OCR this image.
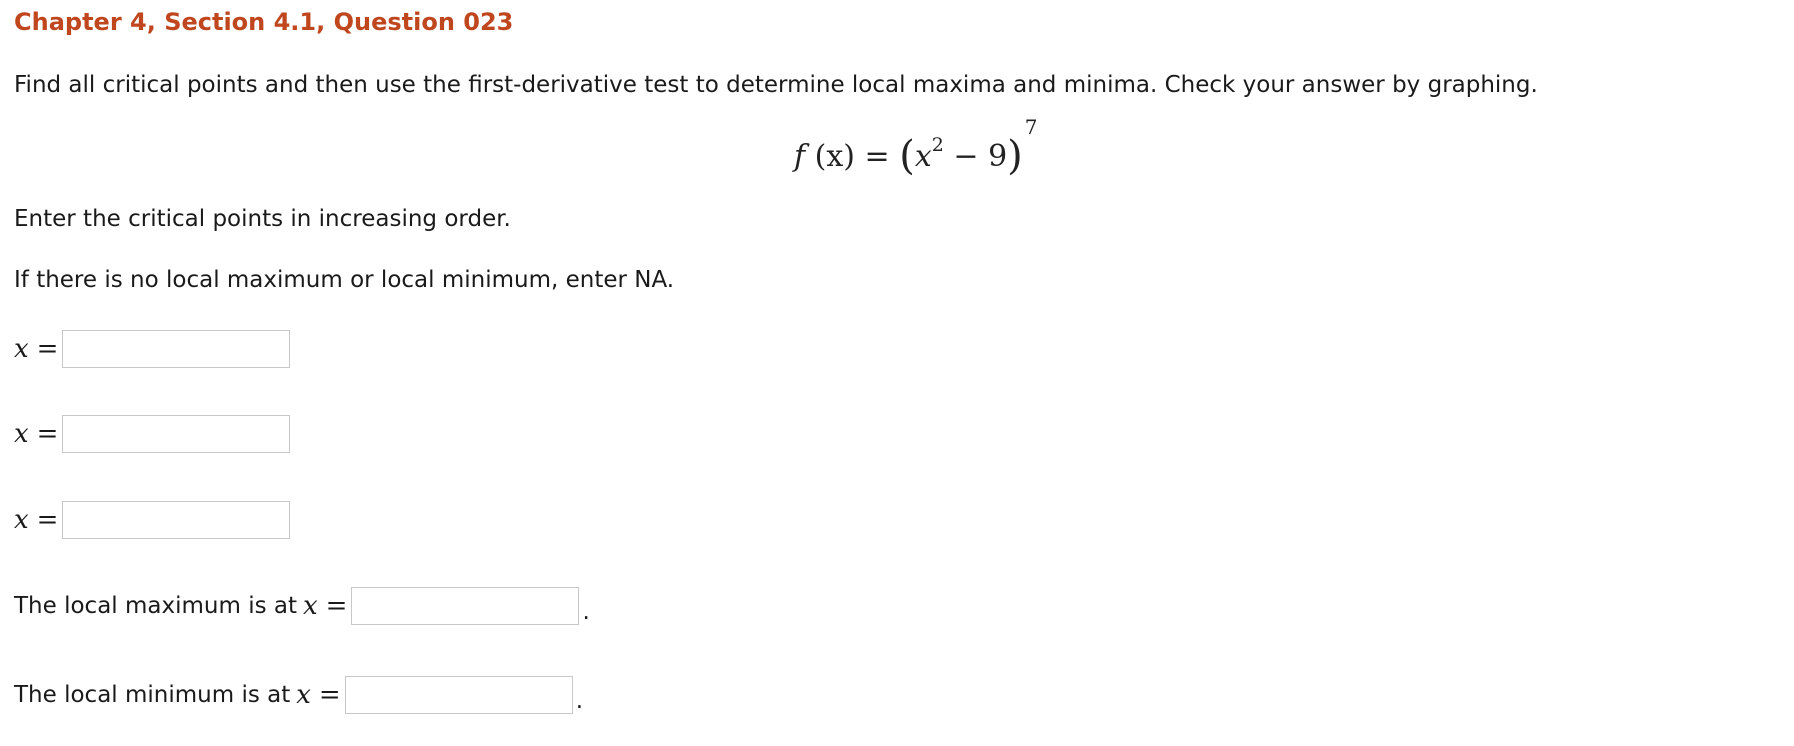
Chapter 4, Section 4.1, Question 023
Find all critical points and then use the first-derivative test to determine local maxima and minima. Check your answer by graphing.
f $(x) = (x^2 - 9)^7$
Enter the critical points in increasing order.
If there is no local maximum or local minimum, enter NA.
x =
x =
x =
The local maximum is at x =	.
The local minimum is at x =	.
